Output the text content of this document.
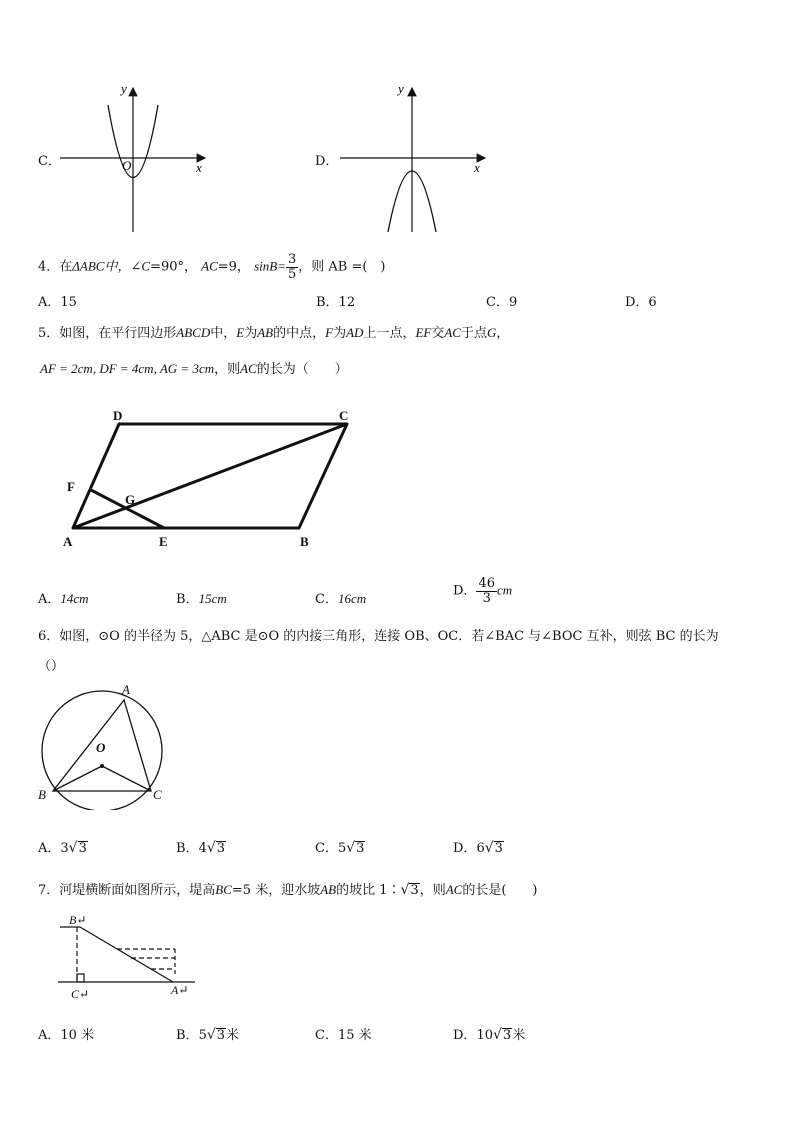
C．	x
y
O	D．	x
y
4．在ΔABC中，∠C=90°， AC=9， $\sin B= \frac{3}{5}$ ，则 AB =(　)
A．15	B．12	C．9	D．6
5．如图，在平行四边形ABCD中，E为AB的中点，F为AD上一点，EF交AC于点G，
AF = 2cm, DF = 4cm, AG = 3cm，则AC的长为（　　）
D	C
F
G
A	E	B
A．14cm	B．15cm	C．16cm	D． $\frac{46}{3}$ cm
6．如图，⊙O 的半径为 5，△ABC 是⊙O 的内接三角形，连接 OB、OC．若∠BAC 与∠BOC 互补，则弦 BC 的长为
（）
A
O
B	C
A．3√3	B．4√3	C．5√3	D．6√3
7．河堤横断面如图所示，堤高BC=5 米，迎水坡AB的坡比 1∶√3，则AC的长是(　　)
B↵
C↵	A↵
A．10 米	B．5√3米	C．15 米	D．10√3米
